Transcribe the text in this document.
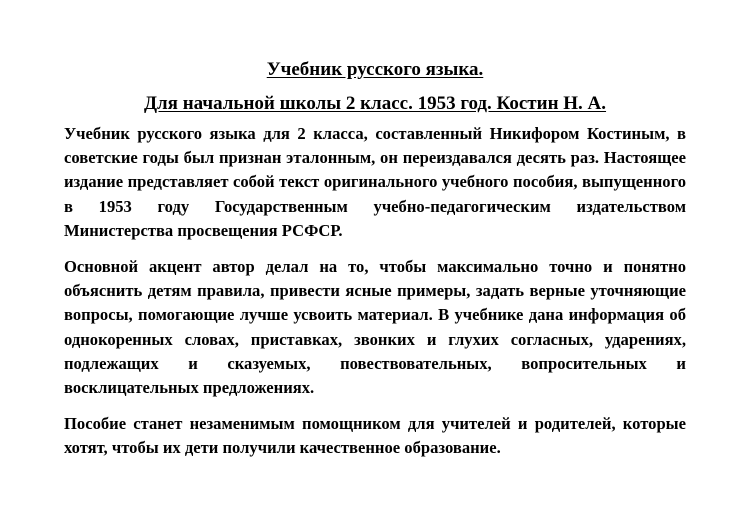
Учебник русского языка.

Для начальной школы 2 класс. 1953 год. Костин Н. А.

Учебник русского языка для 2 класса, составленный Никифором Костиным, в советские годы был признан эталонным, он переиздавался десять раз. Настоящее издание представляет собой текст оригинального учебного пособия, выпущенного в 1953 году Государственным учебно-педагогическим издательством Министерства просвещения РСФСР.

Основной акцент автор делал на то, чтобы максимально точно и понятно объяснить детям правила, привести ясные примеры, задать верные уточняющие вопросы, помогающие лучше усвоить материал. В учебнике дана информация об однокоренных словах, приставках, звонких и глухих согласных, ударениях, подлежащих и сказуемых, повествовательных, вопросительных и восклицательных предложениях.

Пособие станет незаменимым помощником для учителей и родителей, которые хотят, чтобы их дети получили качественное образование.
